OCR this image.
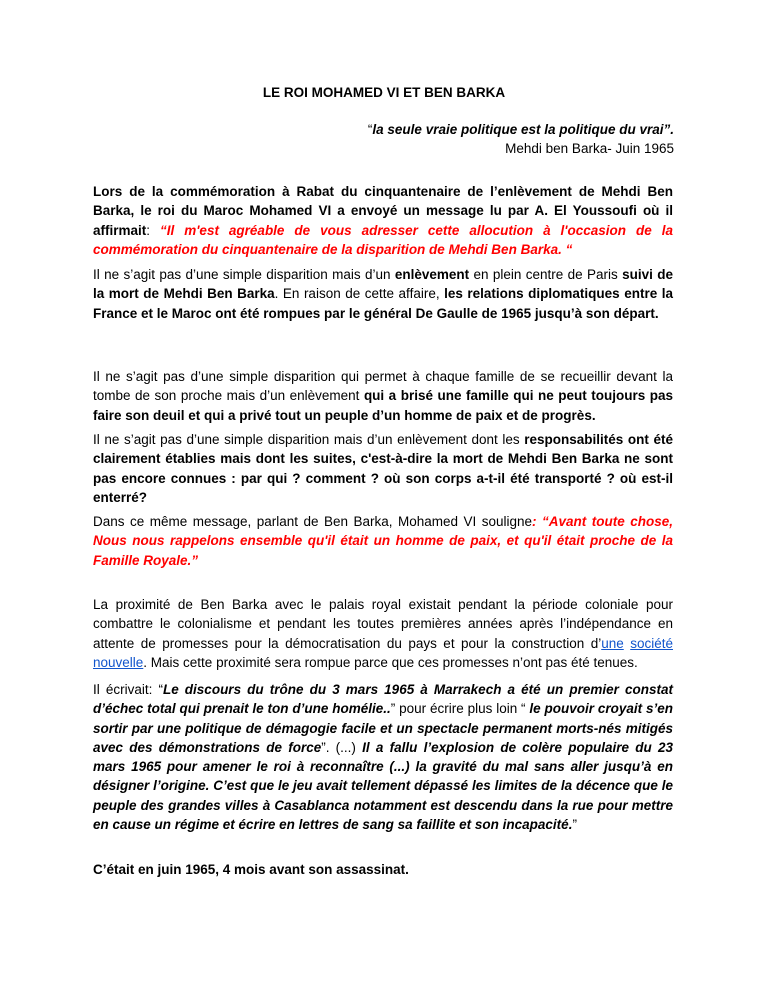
LE ROI MOHAMED VI ET BEN BARKA
“la seule vraie politique est la politique du vrai”.
Mehdi ben Barka- Juin 1965

Lors de la commémoration à Rabat du cinquantenaire de l’enlèvement de Mehdi Ben Barka, le roi du Maroc Mohamed VI a envoyé un message lu par A. El Youssoufi où il affirmait: “Il m'est agréable de vous adresser cette allocution à l'occasion de la commémoration du cinquantenaire de la disparition de Mehdi Ben Barka. “

Il ne s’agit pas d’une simple disparition mais d’un enlèvement en plein centre de Paris suivi de la mort de Mehdi Ben Barka. En raison de cette affaire, les relations diplomatiques entre la France et le Maroc ont été rompues par le général De Gaulle de 1965 jusqu’à son départ.

Il ne s’agit pas d’une simple disparition qui permet à chaque famille de se recueillir devant la tombe de son proche mais d’un enlèvement qui a brisé une famille qui ne peut toujours pas faire son deuil et qui a privé tout un peuple d’un homme de paix et de progrès.

Il ne s’agit pas d’une simple disparition mais d’un enlèvement dont les responsabilités ont été clairement établies mais dont les suites, c'est-à-dire la mort de Mehdi Ben Barka ne sont pas encore connues : par qui ? comment ? où son corps a-t-il été transporté ? où est-il enterré?

Dans ce même message, parlant de Ben Barka, Mohamed VI souligne: “Avant toute chose, Nous nous rappelons ensemble qu'il était un homme de paix, et qu'il était proche de la Famille Royale.”

La proximité de Ben Barka avec le palais royal existait pendant la période coloniale pour combattre le colonialisme et pendant les toutes premières années après l’indépendance en attente de promesses pour la démocratisation du pays et pour la construction d’une société nouvelle. Mais cette proximité sera rompue parce que ces promesses n’ont pas été tenues.

Il écrivait: “Le discours du trône du 3 mars 1965 à Marrakech a été un premier constat d’échec total qui prenait le ton d’une homélie..” pour écrire plus loin “ le pouvoir croyait s’en sortir par une politique de démagogie facile et un spectacle permanent morts-nés mitigés avec des démonstrations de force”. (...) Il a fallu l’explosion de colère populaire du 23 mars 1965 pour amener le roi à reconnaître (...) la gravité du mal sans aller jusqu’à en désigner l’origine. C’est que le jeu avait tellement dépassé les limites de la décence que le peuple des grandes villes à Casablanca notamment est descendu dans la rue pour mettre en cause un régime et écrire en lettres de sang sa faillite et son incapacité.”

C’était en juin 1965, 4 mois avant son assassinat.
